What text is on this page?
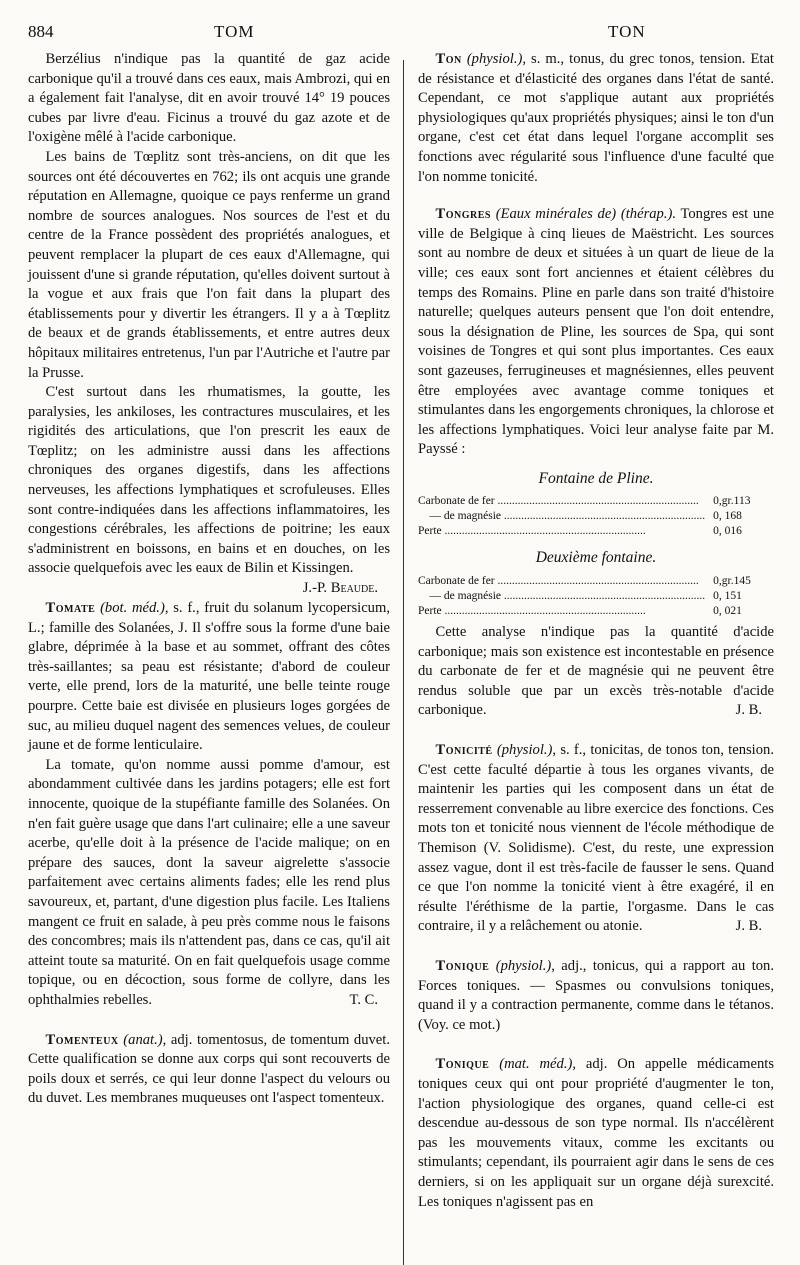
884	TOM	TON

Berzélius n'indique pas la quantité de gaz acide carbonique qu'il a trouvé dans ces eaux, mais Ambrozi, qui en a également fait l'analyse, dit en avoir trouvé 14° 19 pouces cubes par livre d'eau. Ficinus a trouvé du gaz azote et de l'oxigène mêlé à l'acide carbonique.

Les bains de Tœplitz sont très-anciens, on dit que les sources ont été découvertes en 762; ils ont acquis une grande réputation en Allemagne, quoique ce pays renferme un grand nombre de sources analogues. Nos sources de l'est et du centre de la France possèdent des propriétés analogues, et peuvent remplacer la plupart de ces eaux d'Allemagne, qui jouissent d'une si grande réputation, qu'elles doivent surtout à la vogue et aux frais que l'on fait dans la plupart des établissements pour y divertir les étrangers. Il y a à Tœplitz de beaux et de grands établissements, et entre autres deux hôpitaux militaires entretenus, l'un par l'Autriche et l'autre par la Prusse.

C'est surtout dans les rhumatismes, la goutte, les paralysies, les ankiloses, les contractures musculaires, et les rigidités des articulations, que l'on prescrit les eaux de Tœplitz; on les administre aussi dans les affections chroniques des organes digestifs, dans les affections nerveuses, les affections lymphatiques et scrofuleuses. Elles sont contre-indiquées dans les affections inflammatoires, les congestions cérébrales, les affections de poitrine; les eaux s'administrent en boissons, en bains et en douches, on les associe quelquefois avec les eaux de Bilin et Kissingen.
J.-P. Beaude.

Tomate (bot. méd.), s. f., fruit du solanum lycopersicum, L.; famille des Solanées, J. Il s'offre sous la forme d'une baie glabre, déprimée à la base et au sommet, offrant des côtes très-saillantes; sa peau est résistante; d'abord de couleur verte, elle prend, lors de la maturité, une belle teinte rouge pourpre. Cette baie est divisée en plusieurs loges gorgées de suc, au milieu duquel nagent des semences velues, de couleur jaune et de forme lenticulaire.

La tomate, qu'on nomme aussi pomme d'amour, est abondamment cultivée dans les jardins potagers; elle est fort innocente, quoique de la stupéfiante famille des Solanées. On n'en fait guère usage que dans l'art culinaire; elle a une saveur acerbe, qu'elle doit à la présence de l'acide malique; on en prépare des sauces, dont la saveur aigrelette s'associe parfaitement avec certains aliments fades; elle les rend plus savoureux, et, partant, d'une digestion plus facile. Les Italiens mangent ce fruit en salade, à peu près comme nous le faisons des concombres; mais ils n'attendent pas, dans ce cas, qu'il ait atteint toute sa maturité. On en fait quelquefois usage comme topique, ou en décoction, sous forme de collyre, dans les ophthalmies rebelles.	T. C.

Tomenteux (anat.), adj. tomentosus, de tomentum duvet. Cette qualification se donne aux corps qui sont recouverts de poils doux et serrés, ce qui leur donne l'aspect du velours ou du duvet. Les membranes muqueuses ont l'aspect tomenteux.

Ton (physiol.), s. m., tonus, du grec tonos, tension. Etat de résistance et d'élasticité des organes dans l'état de santé. Cependant, ce mot s'applique autant aux propriétés physiologiques qu'aux propriétés physiques; ainsi le ton d'un organe, c'est cet état dans lequel l'organe accomplit ses fonctions avec régularité sous l'influence d'une faculté que l'on nomme tonicité.

Tongres (Eaux minérales de) (thérap.). Tongres est une ville de Belgique à cinq lieues de Maëstricht. Les sources sont au nombre de deux et situées à un quart de lieue de la ville; ces eaux sont fort anciennes et étaient célèbres du temps des Romains. Pline en parle dans son traité d'histoire naturelle; quelques auteurs pensent que l'on doit entendre, sous la désignation de Pline, les sources de Spa, qui sont voisines de Tongres et qui sont plus importantes. Ces eaux sont gazeuses, ferrugineuses et magnésiennes, elles peuvent être employées avec avantage comme toniques et stimulantes dans les engorgements chroniques, la chlorose et les affections lymphatiques. Voici leur analyse faite par M. Payssé :

Fontaine de Pline.
Carbonate de fer .....	0,gr.113
— de magnésie .....	0, 168
Perte .....	0, 016
Deuxième fontaine.
Carbonate de fer .....	0,gr.145
— de magnésie .....	0, 151
Perte .....	0, 021

Cette analyse n'indique pas la quantité d'acide carbonique; mais son existence est incontestable en présence du carbonate de fer et de magnésie qui ne peuvent être rendus soluble que par un excès très-notable d'acide carbonique.	J. B.

Tonicité (physiol.), s. f., tonicitas, de tonos ton, tension. C'est cette faculté départie à tous les organes vivants, de maintenir les parties qui les composent dans un état de resserrement convenable au libre exercice des fonctions. Ces mots ton et tonicité nous viennent de l'école méthodique de Themison (V. Solidisme). C'est, du reste, une expression assez vague, dont il est très-facile de fausser le sens. Quand ce que l'on nomme la tonicité vient à être exagéré, il en résulte l'éréthisme de la partie, l'orgasme. Dans le cas contraire, il y a relâchement ou atonie.	J. B.

Tonique (physiol.), adj., tonicus, qui a rapport au ton. Forces toniques. — Spasmes ou convulsions toniques, quand il y a contraction permanente, comme dans le tétanos. (Voy. ce mot.)

Tonique (mat. méd.), adj. On appelle médicaments toniques ceux qui ont pour propriété d'augmenter le ton, l'action physiologique des organes, quand celle-ci est descendue au-dessous de son type normal. Ils n'accélèrent pas les mouvements vitaux, comme les excitants ou stimulants; cependant, ils pourraient agir dans le sens de ces derniers, si on les appliquait sur un organe déjà surexcité. Les toniques n'agissent pas en
